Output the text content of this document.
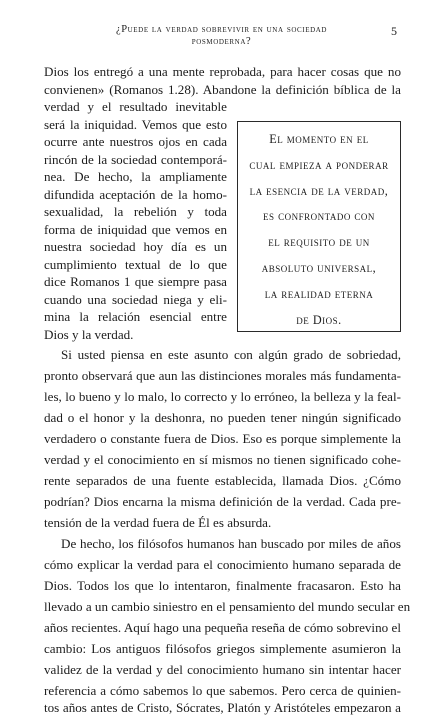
¿Puede la verdad sobrevivir en una sociedad
posmoderna?
5
El momento en el
cual empieza a ponderar
la esencia de la verdad,
es confrontado con
el requisito de un
absoluto universal,
la realidad eterna
de Dios.
Dios los entregó a una mente reprobada, para hacer cosas que no
convienen» (Romanos 1.28). Abandone la definición bíblica de la
verdad y el resultado inevitable
será la iniquidad. Vemos que esto
ocurre ante nuestros ojos en cada
rincón de la sociedad contemporá-
nea. De hecho, la ampliamente
difundida aceptación de la homo-
sexualidad, la rebelión y toda
forma de iniquidad que vemos en
nuestra sociedad hoy día es un
cumplimiento textual de lo que
dice Romanos 1 que siempre pasa
cuando una sociedad niega y eli-
mina la relación esencial entre
Dios y la verdad.
Si usted piensa en este asunto con algún grado de sobriedad,
pronto observará que aun las distinciones morales más fundamenta-
les, lo bueno y lo malo, lo correcto y lo erróneo, la belleza y la feal-
dad o el honor y la deshonra, no pueden tener ningún significado
verdadero o constante fuera de Dios. Eso es porque simplemente la
verdad y el conocimiento en sí mismos no tienen significado cohe-
rente separados de una fuente establecida, llamada Dios. ¿Cómo
podrían? Dios encarna la misma definición de la verdad. Cada pre-
tensión de la verdad fuera de Él es absurda.
De hecho, los filósofos humanos han buscado por miles de años
cómo explicar la verdad para el conocimiento humano separada de
Dios. Todos los que lo intentaron, finalmente fracasaron. Esto ha
llevado a un cambio siniestro en el pensamiento del mundo secular en
años recientes. Aquí hago una pequeña reseña de cómo sobrevino el
cambio: Los antiguos filósofos griegos simplemente asumieron la
validez de la verdad y del conocimiento humano sin intentar hacer
referencia a cómo sabemos lo que sabemos. Pero cerca de quinien-
tos años antes de Cristo, Sócrates, Platón y Aristóteles empezaron a
